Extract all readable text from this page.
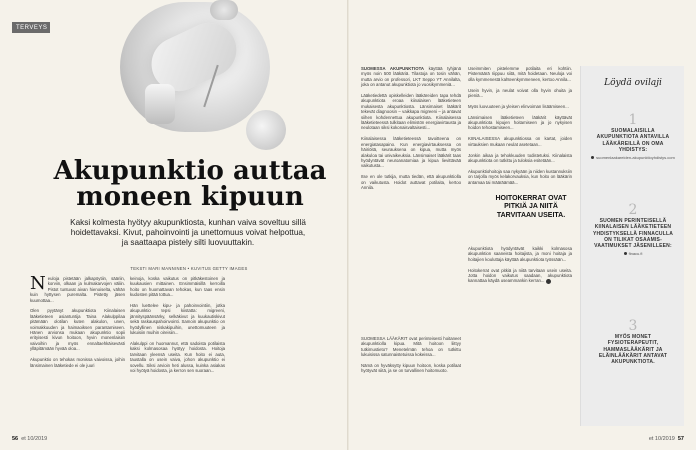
TERVEYS
Akupunktio auttaa moneen kipuun
Kaksi kolmesta hyötyy akupunktiosta, kunhan vaiva soveltuu sillä hoidettavaksi. Kivut, pahoinvointi ja unettomuus voivat helpottua, ja saattaapa pistely silti luovuuttakin.
TEKSTI MARI MANNINEN • KUVITUS GETTY IMAGES
N euloja pistetään jalkapöytiin, sääriin, korviin, olkaan ja kulmakarvojen väliin. Pistot tuntuvat aivan hienoiselta, vähän kuin hyttysen puremalta. Pistetty jäsen kuumottaa...

Olen pyytänyt akupunktiota Kiinalaisen lääketieteen asiantuntija Taina Alakulppilaa pitämään olotilan kuten alakulon, unen, voimakkuuden ja haimaoiksen parantamiseen. Hänen arvionsa mukaan akupunktio sopii erityisesti kivun hoitoon, hyvin monenlaisiin vaivoihin ja myös ennaltaehkäisevästi ylläpitämään hyvää oloa...

Akupunktio on tehokas monissa vaivoissa, joihin länsimainen lääketiede ei ole juuri
keinoja, koska vaikutus on pitkäkestoinen ja kuukausien mittainen. Ensimmäisillä kerroilla hoito on huomattavan tehokas, kun taas ensin kudosten pitää tottua...

Hän luettelee kipu- ja pahoinvointiin, jotka akupunktio tepsi kiistatta: migreeni, jännityspäänsärky, selkäkivut ja kuukautiskivut sekä raskauspahoinvointi. Samoin akupunktio on hyödyllinen niskakipuihin, unettomuuteen ja lukuisiin muihin oireisiin...

Alakulppi on huomannut, että sadoista potilaista kaksi kolmasosaa hyötyy hoidosta. Hoitoja tarvitaan yleensä useita. Kun hoito ei auta, taustalla on usein vaiva, johon akupunktio ei sovellu. Siksi arvioin heti alussa, kuinka asiakas voi hyötyä hoidosta, ja kerron sen suoraan...
56 et 10/2019
SUOMESSA AKUPUNKTIOTA käyttää tyhjänä myös noin 500 lääkäriä. Tilastoja on tosin vähän, mutta arvio on professori, LKT Seppo YT Annilalta, joka on antanut akupunktiota jo vuosikymmeniä...

Lääketiedettä opiskelleiden lääkäreiden tapa tehdä akupunktiota eroaa kiinalaisen lääketieteen mukaisesta akupunktiosta. Länsimaiset lääkärit tekevät diagnoosin – vaikkapa migreeni – ja antavat siihen kohdennettua akupunktiota. Kiinalaisessa lääketieteessä tulkitaan elimistön energiavirtausta ja neulotaan siksi kokonaisvaltaisesti...

Kiinalaisessa lääketieteessä tavoitteena on energiatasapaino. Kun energiavirtauksessa on häiriöitä, seurauksena on kipua, mutta myös alakuloa tai univaikeuksia. Länsimaiset lääkärit taas hyödyntävät neuroanatomiaa ja kipua lievittävää vaikutusta...

Itse en ole tutkija, mutta tiedän, että akupunktiolla on vaikutusta. Hoidot auttavat potilaita, kertoo Annila.
SUOMESSA LÄÄKÄRIT ovat perinteisesti hoitaneet akupunktiolla kipua. Mitä hoitoon liittyy tutkimustieto? Menetelmän tehoa on tutkittu lukuisissa satunnaistetuissa kokeissa...

Nämä on hyväksytty kipuun hoitoon, koska potilaat hyötyvät siitä, ja se on turvallinen hoitomuoto.
HOITOKERRAT OVAT PITKIÄ JA NIITÄ TARVITAAN USEITA.
Useimmiten pistelemme potilaita eri kohtiin. Pistemäärä riippuu siitä, mitä hoidetaan. Neuloja voi olla kymmenestä kahteenkymmeneen, kertoo Annila...

Usein hyvin, ja neulat voivat olla hyvin ohuita ja pieniä...

Myös luovuuteen ja yleisen elinvoiman lisäämiseen...

Länsimaisen lääketieteen lääkärit käyttävät akupunktiota kipujen hoitamiseen ja jo nykyisen hoidon tehostamiseen...

KIINALAISESSA akupunktiossa on kartat, joiden virtauksien mukaan neulat asetetaan...

Jonkin aikaa ja tehokkuuden todistetuksi. Kiinalaista akupunktiota on tutkittu ja tuloksia esitetään...

Akupunktiohoitoja saa nykyään ja niiden kustannuksiin on tarjolla myös kelakorvauksia, kun hoito on lääkärin antamaa tai määräämää...
Akupunktiota hyödyntävät kaikki kolmasosa akupunktion saaneista hoitajista, ja moni hoitaja ja hoitajien kouluttaja käyttää akupunktiota työssään...

Hoitokerrat ovat pitkiä ja niitä tarvitaan usein useita. Jotta hoidon vaikutus saadaan, akupunktiota kannattaa käydä useammankin kerran...
Löydä ovilaji
1
SUOMALAISILLA AKUPUNKTIOTA ANTAVILLA LÄÄKÄREILLÄ ON OMA YHDISTYS:
suomenlaakareiden-akupunktioyhdistys.com
2
SUOMEN PERINTEISELLÄ KIINALAISEN LÄÄKETIETEEN YHDISTYKSELLÄ FINNACULLA ON TILIKAT OSAAMIS-VAATIMUKSET JÄSENILLEEN:
finacu.fi
3
MYÖS MONET FYSIOTERAPEUTIT, HAMMASLÄÄKÄRIT JA ELÄINLÄÄKÄRIT ANTAVAT AKUPUNKTIOTA.
et 10/2019 57
